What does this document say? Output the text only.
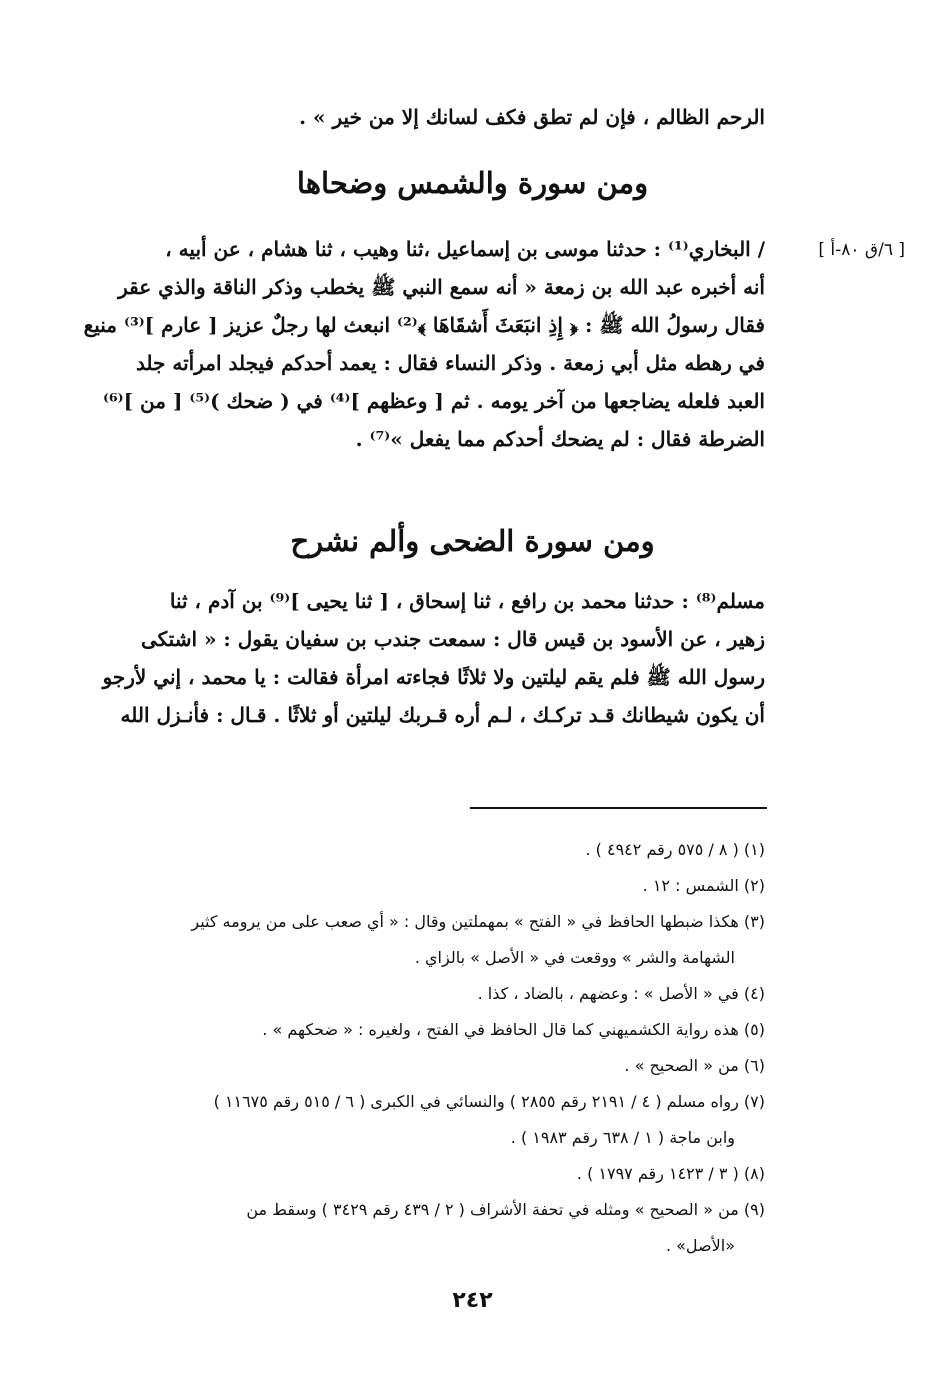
الرحم الظالم ، فإن لم تطق فكف لسانك إلا من خير » .
ومن سورة والشمس وضحاها
[ ٦/ق ٨٠-أ ]
/ البخاري⁽¹⁾ : حدثنا موسى بن إسماعيل ،ثنا وهيب ، ثنا هشام ، عن أبيه ،
أنه أخبره عبد الله بن زمعة « أنه سمع النبي ﷺ يخطب وذكر الناقة والذي عقر
فقال رسولُ الله ﷺ : ﴿ إِذِ انبَعَثَ أَشقَاهَا ﴾⁽²⁾ انبعث لها رجلٌ عزيز [ عارم ]⁽³⁾ منيع
في رهطه مثل أبي زمعة . وذكر النساء فقال : يعمد أحدكم فيجلد امرأته جلد
العبد فلعله يضاجعها من آخر يومه . ثم [ وعظهم ]⁽⁴⁾ في ( ضحك )⁽⁵⁾ [ من ]⁽⁶⁾
الضرطة فقال : لم يضحك أحدكم مما يفعل »⁽⁷⁾ .
ومن سورة الضحى وألم نشرح
مسلم⁽⁸⁾ : حدثنا محمد بن رافع ، ثنا إسحاق ، [ ثنا يحيى ]⁽⁹⁾ بن آدم ، ثنا
زهير ، عن الأسود بن قيس قال : سمعت جندب بن سفيان يقول : « اشتكى
رسول الله ﷺ فلم يقم ليلتين ولا ثلاثًا فجاءته امرأة فقالت : يا محمد ، إني لأرجو
أن يكون شيطانك قـد تركـك ، لـم أره قـربك ليلتين أو ثلاثًا . قـال : فأنـزل الله
(١) ( ٨ / ٥٧٥ رقم ٤٩٤٢ ) .
(٢) الشمس : ١٢ .
(٣) هكذا ضبطها الحافظ في « الفتح » بمهملتين وقال : « أي صعب على من يرومه كثير
الشهامة والشر » ووقعت في « الأصل » بالزاي .
(٤) في « الأصل » : وعضهم ، بالضاد ، كذا .
(٥) هذه رواية الكشميهني كما قال الحافظ في الفتح ، ولغيره : « ضحكهم » .
(٦) من « الصحيح » .
(٧) رواه مسلم ( ٤ / ٢١٩١ رقم ٢٨٥٥ ) والنسائي في الكبرى ( ٦ / ٥١٥ رقم ١١٦٧٥ )
وابن ماجة ( ١ / ٦٣٨ رقم ١٩٨٣ ) .
(٨) ( ٣ / ١٤٢٣ رقم ١٧٩٧ ) .
(٩) من « الصحيح » ومثله في تحفة الأشراف ( ٢ / ٤٣٩ رقم ٣٤٢٩ ) وسقط من
«الأصل» .
٢٤٢
